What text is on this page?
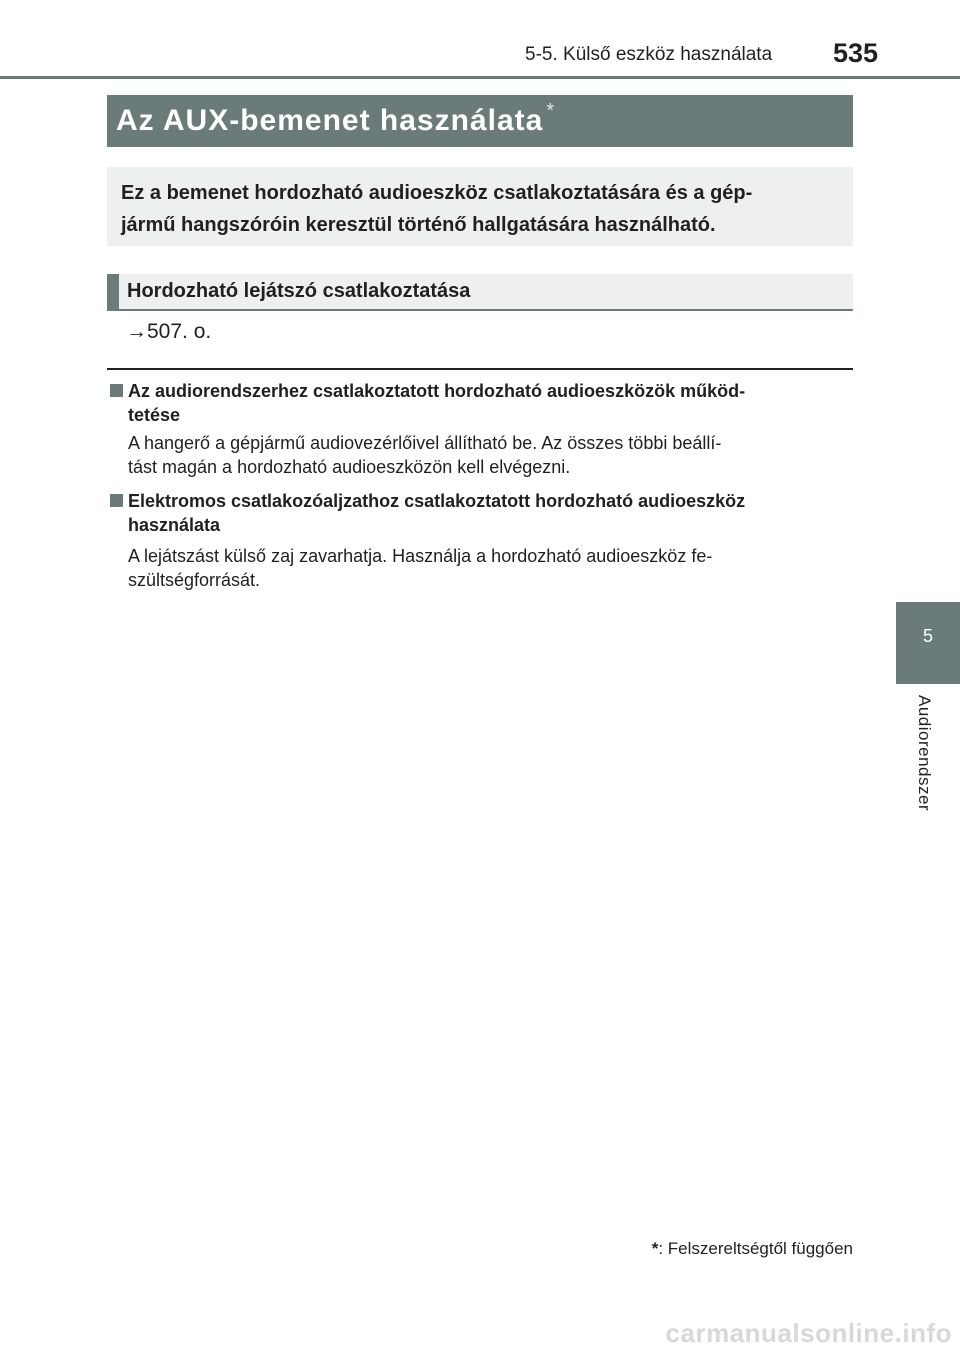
5-5. Külső eszköz használata 535
Az AUX-bemenet használata *
Ez a bemenet hordozható audioeszköz csatlakoztatására és a gép-
jármű hangszóróin keresztül történő hallgatására használható.
Hordozható lejátszó csatlakoztatása
→507. o.
Az audiorendszerhez csatlakoztatott hordozható audioeszközök működ-
tetése
A hangerő a gépjármű audiovezérlőivel állítható be. Az összes többi beállí-
tást magán a hordozható audioeszközön kell elvégezni.
Elektromos csatlakozóaljzathoz csatlakoztatott hordozható audioeszköz
használata
A lejátszást külső zaj zavarhatja. Használja a hordozható audioeszköz fe-
szültségforrását.
5
Audiorendszer
*: Felszereltségtől függően
carmanualsonline.info
